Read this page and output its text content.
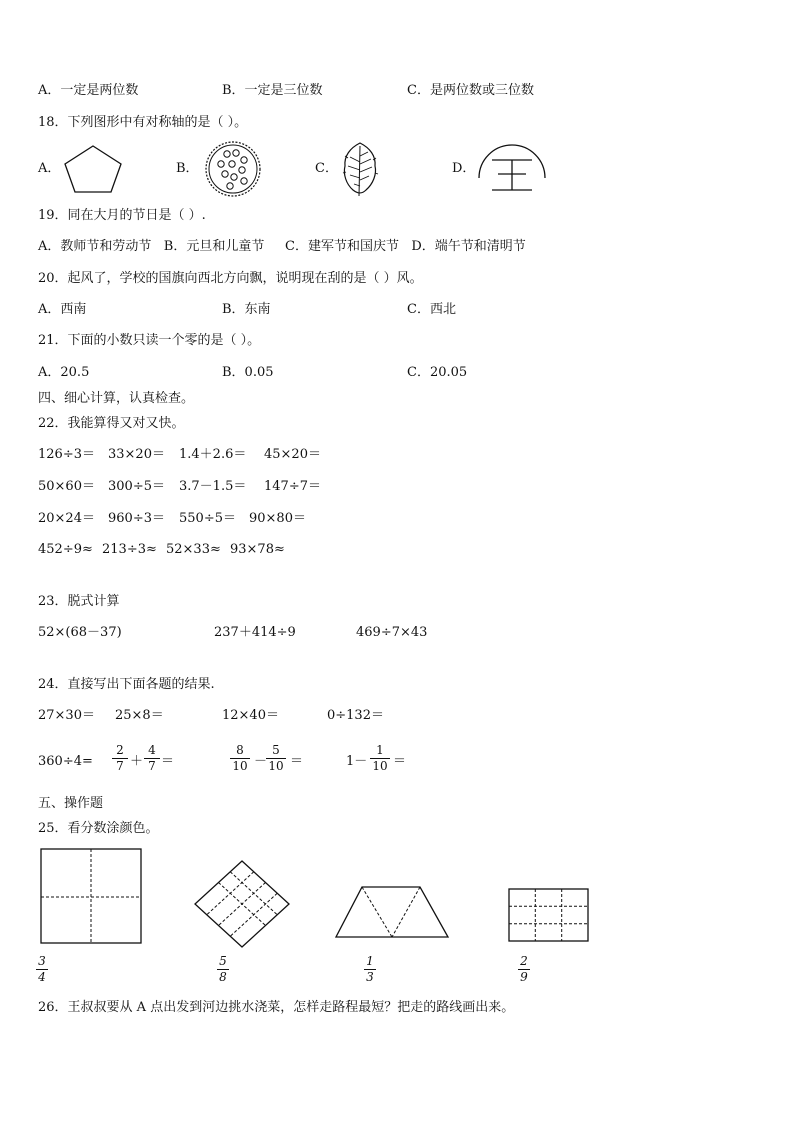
A．一定是两位数	B．一定是三位数	C．是两位数或三位数
18．下列图形中有对称轴的是（ ）。
A．	B．	C．	D．
19．同在大月的节日是（ ）.
A．教师节和劳动节   B．元旦和儿童节     C．建军节和国庆节   D．端午节和清明节
20．起风了，学校的国旗向西北方向飘，说明现在刮的是（ ）风。
A．西南	B．东南	C．西北
21．下面的小数只读一个零的是（ ）。
A．20.5	B．0.05	C．20.05
四、细心计算，认真检查。
22．我能算得又对又快。
126÷3＝ 33×20＝ 1.4＋2.6＝ 45×20＝
50×60＝ 300÷5＝ 3.7－1.5＝ 147÷7＝
20×24＝ 960÷3＝ 550÷5＝ 90×80＝
452÷9≈ 213÷3≈ 52×33≈ 93×78≈
23．脱式计算
52×(68－37)	237＋414÷9	469÷7×43
24．直接写出下面各题的结果.
27×30＝ 25×8＝	12×40＝	0÷132＝
360÷4=
2
7 ＋
4
7 ＝
8
10 －
5
10 ＝	1－
1
10 ＝
五、操作题
25．看分数涂颜色。
3
4
5
8
1
3
2
9
26．王叔叔要从 A 点出发到河边挑水浇菜，怎样走路程最短？把走的路线画出来。
